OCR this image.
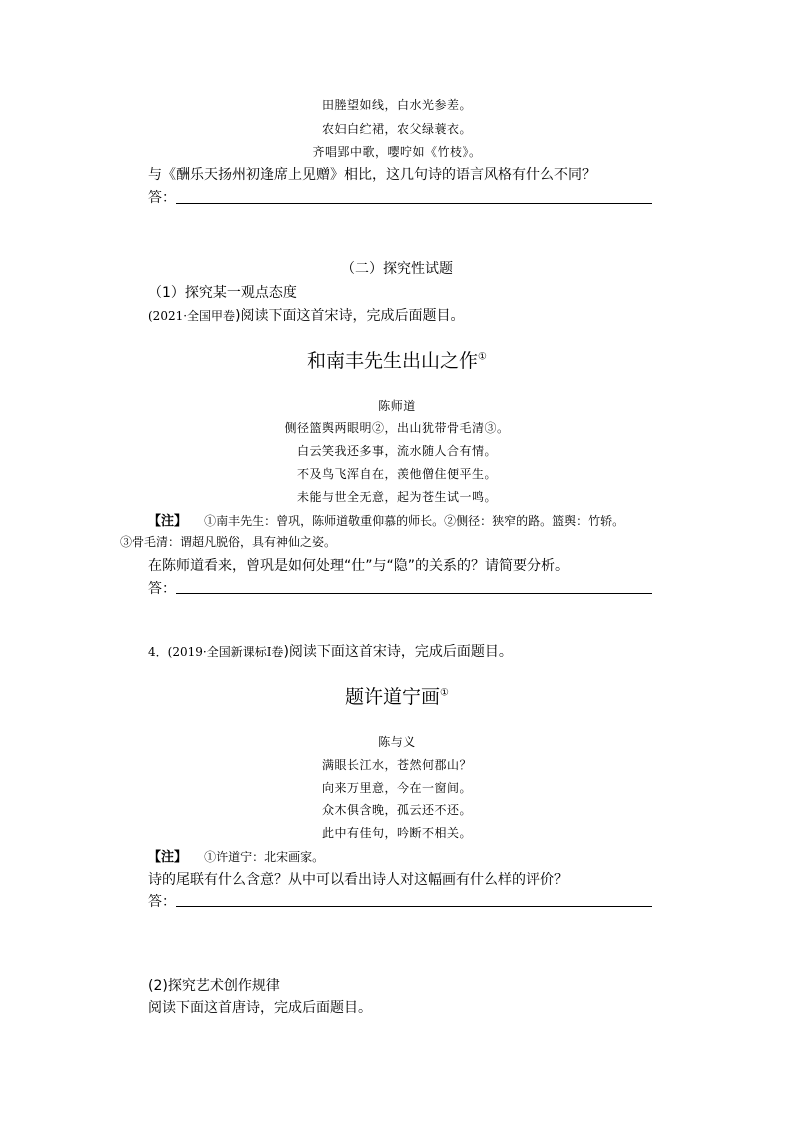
田塍望如线，白水光参差。
农妇白纻裙，农父绿蓑衣。
齐唱郢中歌，嘤咛如《竹枝》。
与《酬乐天扬州初逢席上见赠》相比，这几句诗的语言风格有什么不同？
答：
（二）探究性试题
（1）探究某一观点态度
(2021·全国甲卷)阅读下面这首宋诗，完成后面题目。
和南丰先生出山之作①
陈师道
侧径篮舆两眼明②，出山犹带骨毛清③。
白云笑我还多事，流水随人合有情。
不及鸟飞浑自在，羡他僧住便平生。
未能与世全无意，起为苍生试一鸣。
【注】 ①南丰先生：曾巩，陈师道敬重仰慕的师长。②侧径：狭窄的路。篮舆：竹轿。
③骨毛清：谓超凡脱俗，具有神仙之姿。
在陈师道看来，曾巩是如何处理“仕”与“隐”的关系的？请简要分析。
答：
4．(2019·全国新课标Ⅰ卷)阅读下面这首宋诗，完成后面题目。
题许道宁画①
陈与义
满眼长江水，苍然何郡山？
向来万里意，今在一窗间。
众木俱含晚，孤云还不还。
此中有佳句，吟断不相关。
【注】 ①许道宁：北宋画家。
诗的尾联有什么含意？从中可以看出诗人对这幅画有什么样的评价？
答：
(2)探究艺术创作规律
阅读下面这首唐诗，完成后面题目。
